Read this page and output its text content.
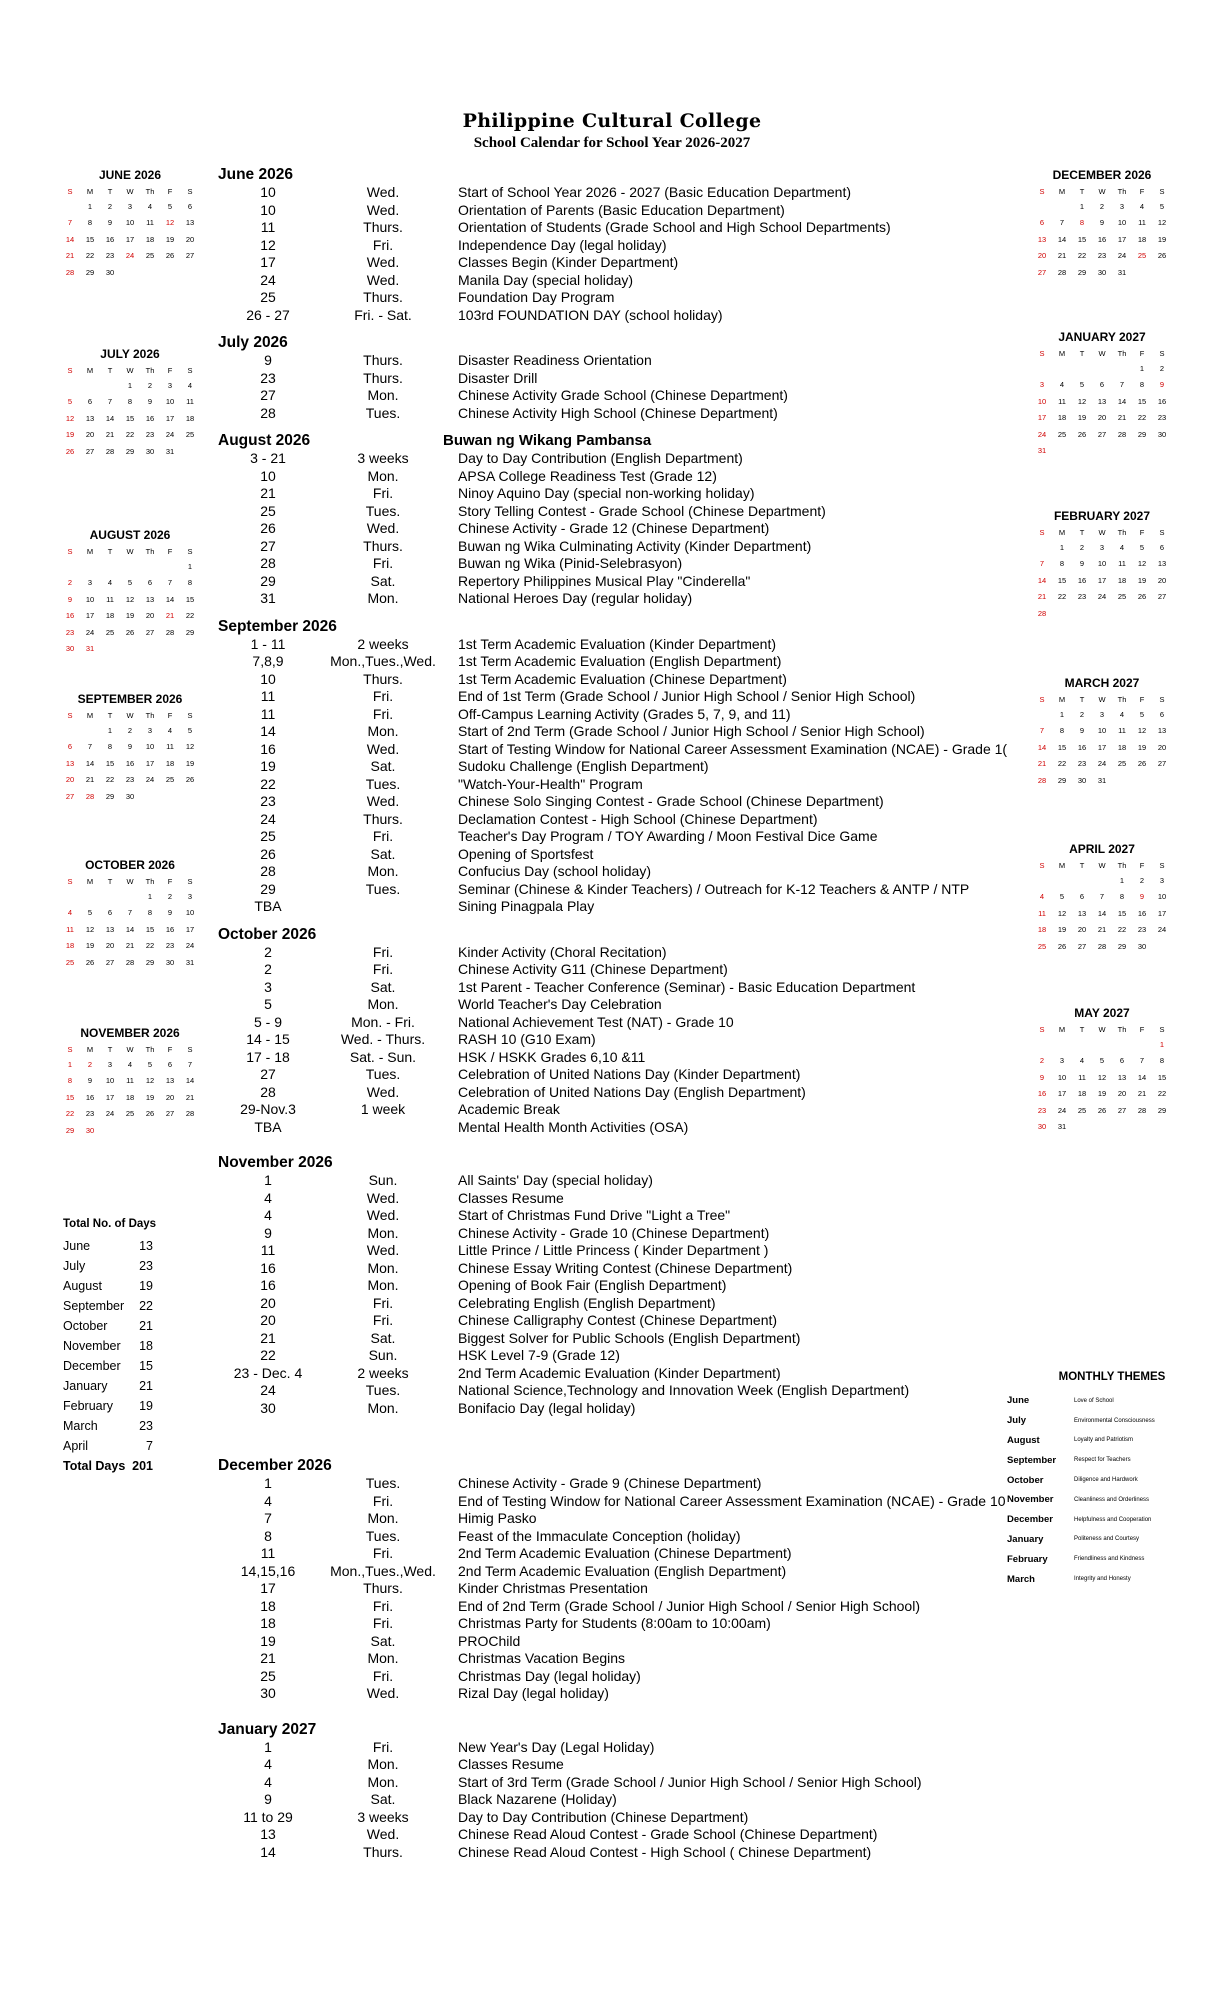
Philippine Cultural College
School Calendar for School Year 2026-2027
JUNE 2026
S	M	T	W	Th	F	S
	1	2	3	4	5	6
7	8	9	10	11	12	13
14	15	16	17	18	19	20
21	22	23	24	25	26	27
28	29	30				
JULY 2026
S	M	T	W	Th	F	S
			1	2	3	4
5	6	7	8	9	10	11
12	13	14	15	16	17	18
19	20	21	22	23	24	25
26	27	28	29	30	31	
AUGUST 2026
S	M	T	W	Th	F	S
						1
2	3	4	5	6	7	8
9	10	11	12	13	14	15
16	17	18	19	20	21	22
23	24	25	26	27	28	29
30	31					
SEPTEMBER 2026
S	M	T	W	Th	F	S
		1	2	3	4	5
6	7	8	9	10	11	12
13	14	15	16	17	18	19
20	21	22	23	24	25	26
27	28	29	30			
OCTOBER 2026
S	M	T	W	Th	F	S
				1	2	3
4	5	6	7	8	9	10
11	12	13	14	15	16	17
18	19	20	21	22	23	24
25	26	27	28	29	30	31
NOVEMBER 2026
S	M	T	W	Th	F	S
1	2	3	4	5	6	7
8	9	10	11	12	13	14
15	16	17	18	19	20	21
22	23	24	25	26	27	28
29	30					
DECEMBER 2026
S	M	T	W	Th	F	S
		1	2	3	4	5
6	7	8	9	10	11	12
13	14	15	16	17	18	19
20	21	22	23	24	25	26
27	28	29	30	31		
JANUARY 2027
S	M	T	W	Th	F	S
					1	2
3	4	5	6	7	8	9
10	11	12	13	14	15	16
17	18	19	20	21	22	23
24	25	26	27	28	29	30
31						
FEBRUARY 2027
S	M	T	W	Th	F	S
	1	2	3	4	5	6
7	8	9	10	11	12	13
14	15	16	17	18	19	20
21	22	23	24	25	26	27
28						
MARCH 2027
S	M	T	W	Th	F	S
	1	2	3	4	5	6
7	8	9	10	11	12	13
14	15	16	17	18	19	20
21	22	23	24	25	26	27
28	29	30	31			
APRIL 2027
S	M	T	W	Th	F	S
				1	2	3
4	5	6	7	8	9	10
11	12	13	14	15	16	17
18	19	20	21	22	23	24
25	26	27	28	29	30	
MAY 2027
S	M	T	W	Th	F	S
						1
2	3	4	5	6	7	8
9	10	11	12	13	14	15
16	17	18	19	20	21	22
23	24	25	26	27	28	29
30	31					
June 2026
10	Wed.	Start of School Year 2026 - 2027 (Basic Education Department)
10	Wed.	Orientation of Parents (Basic Education Department)
11	Thurs.	Orientation of Students (Grade School and High School Departments)
12	Fri.	Independence Day (legal holiday)
17	Wed.	Classes Begin (Kinder Department)
24	Wed.	Manila Day (special holiday)
25	Thurs.	Foundation Day Program
26 - 27	Fri. - Sat.	103rd FOUNDATION DAY (school holiday)
July 2026
9	Thurs.	Disaster Readiness Orientation
23	Thurs.	Disaster Drill
27	Mon.	Chinese Activity Grade School (Chinese Department)
28	Tues.	Chinese Activity High School (Chinese Department)
August 2026	Buwan ng Wikang Pambansa
3 - 21	3 weeks	Day to Day Contribution (English Department)
10	Mon.	APSA College Readiness Test (Grade 12)
21	Fri.	Ninoy Aquino Day (special non-working holiday)
25	Tues.	Story Telling Contest - Grade School (Chinese Department)
26	Wed.	Chinese Activity - Grade 12 (Chinese Department)
27	Thurs.	Buwan ng Wika Culminating Activity (Kinder Department)
28	Fri.	Buwan ng Wika (Pinid-Selebrasyon)
29	Sat.	Repertory Philippines Musical Play "Cinderella"
31	Mon.	National Heroes Day (regular holiday)
September 2026
1 - 11	2 weeks	1st Term Academic Evaluation (Kinder Department)
7,8,9	Mon.,Tues.,Wed.	1st Term Academic Evaluation (English Department)
10	Thurs.	1st Term Academic Evaluation (Chinese Department)
11	Fri.	End of 1st Term (Grade School / Junior High School / Senior High School)
11	Fri.	Off-Campus Learning Activity (Grades 5, 7, 9, and 11)
14	Mon.	Start of 2nd Term (Grade School / Junior High School / Senior High School)
16	Wed.	Start of Testing Window for National Career Assessment Examination (NCAE) - Grade 1(
19	Sat.	Sudoku Challenge (English Department)
22	Tues.	"Watch-Your-Health" Program
23	Wed.	Chinese Solo Singing Contest - Grade School (Chinese Department)
24	Thurs.	Declamation Contest - High School (Chinese Department)
25	Fri.	Teacher's Day Program / TOY Awarding / Moon Festival Dice Game
26	Sat.	Opening of Sportsfest
28	Mon.	Confucius Day (school holiday)
29	Tues.	Seminar (Chinese & Kinder Teachers) / Outreach for K-12 Teachers & ANTP / NTP
TBA	Sining Pinagpala Play
October 2026
2	Fri.	Kinder Activity (Choral Recitation)
2	Fri.	Chinese Activity G11 (Chinese Department)
3	Sat.	1st Parent - Teacher Conference (Seminar) - Basic Education Department
5	Mon.	World Teacher's Day Celebration
5 - 9	Mon. - Fri.	National Achievement Test (NAT) - Grade 10
14 - 15	Wed. - Thurs.	RASH 10 (G10 Exam)
17 - 18	Sat. - Sun.	HSK / HSKK Grades 6,10 &11
27	Tues.	Celebration of United Nations Day (Kinder Department)
28	Wed.	Celebration of United Nations Day (English Department)
29-Nov.3	1 week	Academic Break
TBA	Mental Health Month Activities (OSA)
November 2026
1	Sun.	All Saints' Day (special holiday)
4	Wed.	Classes Resume
4	Wed.	Start of Christmas Fund Drive "Light a Tree"
9	Mon.	Chinese Activity - Grade 10 (Chinese Department)
11	Wed.	Little Prince / Little Princess ( Kinder Department )
16	Mon.	Chinese Essay Writing Contest (Chinese Department)
16	Mon.	Opening of Book Fair (English Department)
20	Fri.	Celebrating English (English Department)
20	Fri.	Chinese Calligraphy Contest (Chinese Department)
21	Sat.	Biggest Solver for Public Schools (English Department)
22	Sun.	HSK Level 7-9 (Grade 12)
23 - Dec. 4	2 weeks	2nd Term Academic Evaluation (Kinder Department)
24	Tues.	National Science,Technology and Innovation Week (English Department)
30	Mon.	Bonifacio Day (legal holiday)
December 2026
1	Tues.	Chinese Activity - Grade 9 (Chinese Department)
4	Fri.	End of Testing Window for National Career Assessment Examination (NCAE) - Grade 10
7	Mon.	Himig Pasko
8	Tues.	Feast of the Immaculate Conception (holiday)
11	Fri.	2nd Term Academic Evaluation (Chinese Department)
14,15,16	Mon.,Tues.,Wed.	2nd Term Academic Evaluation (English Department)
17	Thurs.	Kinder Christmas Presentation
18	Fri.	End of 2nd Term (Grade School / Junior High School / Senior High School)
18	Fri.	Christmas Party for Students (8:00am to 10:00am)
19	Sat.	PROChild
21	Mon.	Christmas Vacation Begins
25	Fri.	Christmas Day (legal holiday)
30	Wed.	Rizal Day (legal holiday)
January 2027
1	Fri.	New Year's Day (Legal Holiday)
4	Mon.	Classes Resume
4	Mon.	Start of 3rd Term (Grade School / Junior High School / Senior High School)
9	Sat.	Black Nazarene (Holiday)
11 to 29	3 weeks	Day to Day Contribution (Chinese Department)
13	Wed.	Chinese Read Aloud Contest - Grade School (Chinese Department)
14	Thurs.	Chinese Read Aloud Contest - High School ( Chinese Department)
Total No. of Days
June	13
July	23
August	19
September	22
October	21
November	18
December	15
January	21
February	19
March	23
April	7
Total Days 201
MONTHLY THEMES
June	Love of School
July	Environmental Consciousness
August	Loyalty and Patriotism
September	Respect for Teachers
October	Diligence and Hardwork
November	Cleanliness and Orderliness
December	Helpfulness and Cooperation
January	Politeness and Courtesy
February	Friendliness and Kindness
March	Integrity and Honesty
